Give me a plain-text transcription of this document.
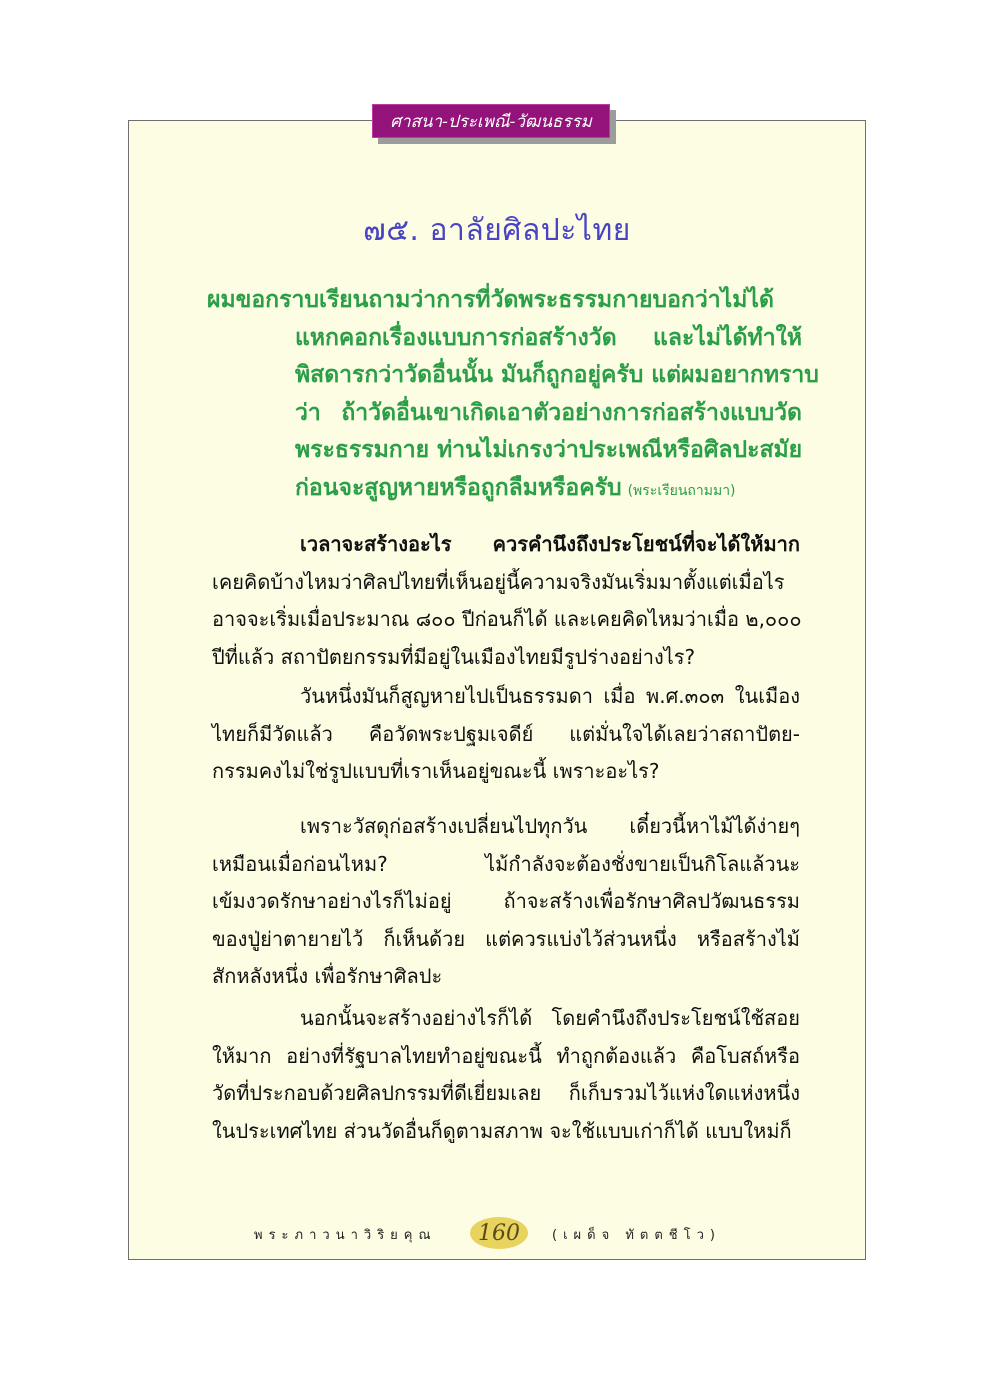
ศาสนา-ประเพณี-วัฒนธรรม
๗๕. อาลัยศิลปะไทย
ผมขอกราบเรียนถามว่าการที่วัดพระธรรมกายบอกว่าไม่ได้
แหกคอกเรื่องแบบการก่อสร้างวัด และไม่ได้ทำให้
พิสดารกว่าวัดอื่นนั้น มันก็ถูกอยู่ครับ แต่ผมอยากทราบ
ว่า ถ้าวัดอื่นเขาเกิดเอาตัวอย่างการก่อสร้างแบบวัด
พระธรรมกาย ท่านไม่เกรงว่าประเพณีหรือศิลปะสมัย
ก่อนจะสูญหายหรือถูกลืมหรือครับ (พระเรียนถามมา)
เวลาจะสร้างอะไร ควรคำนึงถึงประโยชน์ที่จะได้ให้มาก
เคยคิดบ้างไหมว่าศิลปไทยที่เห็นอยู่นี้ความจริงมันเริ่มมาตั้งแต่เมื่อไร
อาจจะเริ่มเมื่อประมาณ ๘๐๐ ปีก่อนก็ได้ และเคยคิดไหมว่าเมื่อ ๒,๐๐๐
ปีที่แล้ว สถาปัตยกรรมที่มีอยู่ในเมืองไทยมีรูปร่างอย่างไร?
วันหนึ่งมันก็สูญหายไปเป็นธรรมดา เมื่อ พ.ศ.๓๐๓ ในเมือง
ไทยก็มีวัดแล้ว คือวัดพระปฐมเจดีย์ แต่มั่นใจได้เลยว่าสถาปัตย-
กรรมคงไม่ใช่รูปแบบที่เราเห็นอยู่ขณะนี้ เพราะอะไร?
เพราะวัสดุก่อสร้างเปลี่ยนไปทุกวัน เดี๋ยวนี้หาไม้ได้ง่ายๆ
เหมือนเมื่อก่อนไหม? ไม้กำลังจะต้องชั่งขายเป็นกิโลแล้วนะ
เข้มงวดรักษาอย่างไรก็ไม่อยู่ ถ้าจะสร้างเพื่อรักษาศิลปวัฒนธรรม
ของปู่ย่าตายายไว้ ก็เห็นด้วย แต่ควรแบ่งไว้ส่วนหนึ่ง หรือสร้างไม้
สักหลังหนึ่ง เพื่อรักษาศิลปะ
นอกนั้นจะสร้างอย่างไรก็ได้ โดยคำนึงถึงประโยชน์ใช้สอย
ให้มาก อย่างที่รัฐบาลไทยทำอยู่ขณะนี้ ทำถูกต้องแล้ว คือโบสถ์หรือ
วัดที่ประกอบด้วยศิลปกรรมที่ดีเยี่ยมเลย ก็เก็บรวมไว้แห่งใดแห่งหนึ่ง
ในประเทศไทย ส่วนวัดอื่นก็ดูตามสภาพ จะใช้แบบเก่าก็ได้ แบบใหม่ก็
พระภาวนาวิริยคุณ 160 (เผด็จ ทัตตชีโว)
